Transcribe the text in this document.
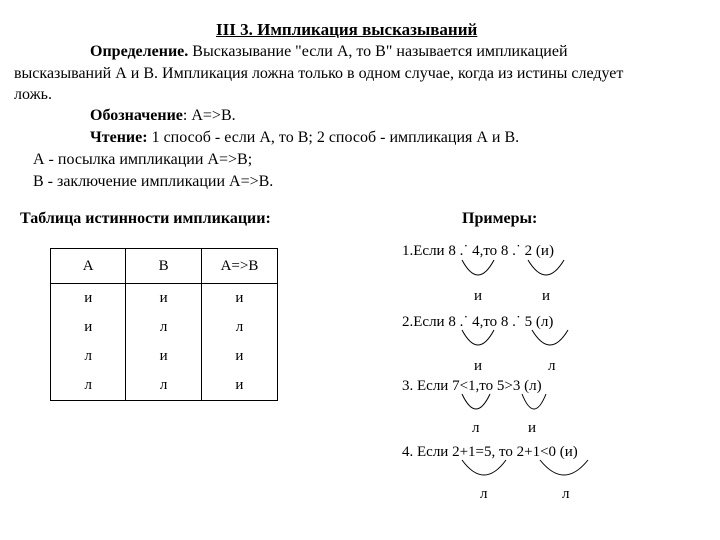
III 3. Импликация высказываний
Определение. Высказывание "если А, то В" называется импликацией
высказываний А и В. Импликация ложна только в одном случае, когда из истины следует
ложь.
Обозначение: А=>В.
Чтение: 1 способ - если А, то В; 2 способ - импликация А и В.
А - посылка импликации А=>В;
В - заключение импликации А=>В.
Таблица истинности импликации:	Примеры:
A	B	A=>B
и	и	и
и	л	л
л	и	и
л	л	и
1.Если 8 .˙ 4,то 8 .˙ 2 (и)
и	и
2.Если 8 .˙ 4,то 8 .˙ 5 (л)
и	л
3. Если 7<1,то 5>3 (л)
л	и
4. Если 2+1=5, то 2+1<0 (и)
л	л
